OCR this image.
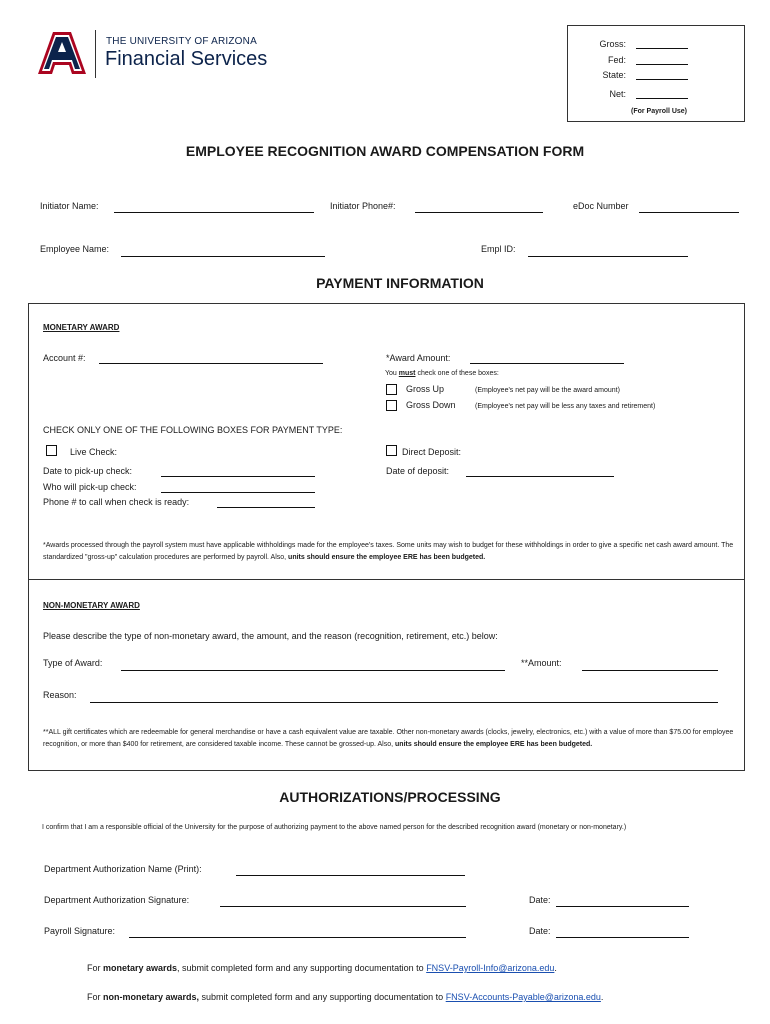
THE UNIVERSITY OF ARIZONA
Financial Services
Gross:
Fed:
State:
Net:
(For Payroll Use)
EMPLOYEE RECOGNITION AWARD COMPENSATION FORM
Initiator Name:	Initiator Phone#:	eDoc Number
Employee Name:	Empl ID:
PAYMENT INFORMATION
MONETARY AWARD
Account #:	*Award Amount:
You must check one of these boxes:
Gross Up	(Employee's net pay will be the award amount)
Gross Down	(Employee's net pay will be less any taxes and retirement)
CHECK ONLY ONE OF THE FOLLOWING BOXES FOR PAYMENT TYPE:
Live Check:	Direct Deposit:
Date to pick-up check:
Who will pick-up check:
Phone # to call when check is ready:
Date of deposit:
*Awards processed through the payroll system must have applicable withholdings made for the employee's taxes. Some units may wish to budget for these withholdings in order to give a specific net cash award amount. The standardized "gross-up" calculation procedures are performed by payroll. Also, units should ensure the employee ERE has been budgeted.
NON-MONETARY AWARD
Please describe the type of non-monetary award, the amount, and the reason (recognition, retirement, etc.) below:
Type of Award:	**Amount:
Reason:
**ALL gift certificates which are redeemable for general merchandise or have a cash equivalent value are taxable. Other non-monetary awards (clocks, jewelry, electronics, etc.) with a value of more than $75.00 for employee recognition, or more than $400 for retirement, are considered taxable income. These cannot be grossed-up. Also, units should ensure the employee ERE has been budgeted.
AUTHORIZATIONS/PROCESSING
I confirm that I am a responsible official of the University for the purpose of authorizing payment to the above named person for the described recognition award (monetary or non-monetary.)
Department Authorization Name (Print):
Department Authorization Signature:	Date:
Payroll Signature:	Date:
For monetary awards, submit completed form and any supporting documentation to FNSV-Payroll-Info@arizona.edu.
For non-monetary awards, submit completed form and any supporting documentation to FNSV-Accounts-Payable@arizona.edu.
